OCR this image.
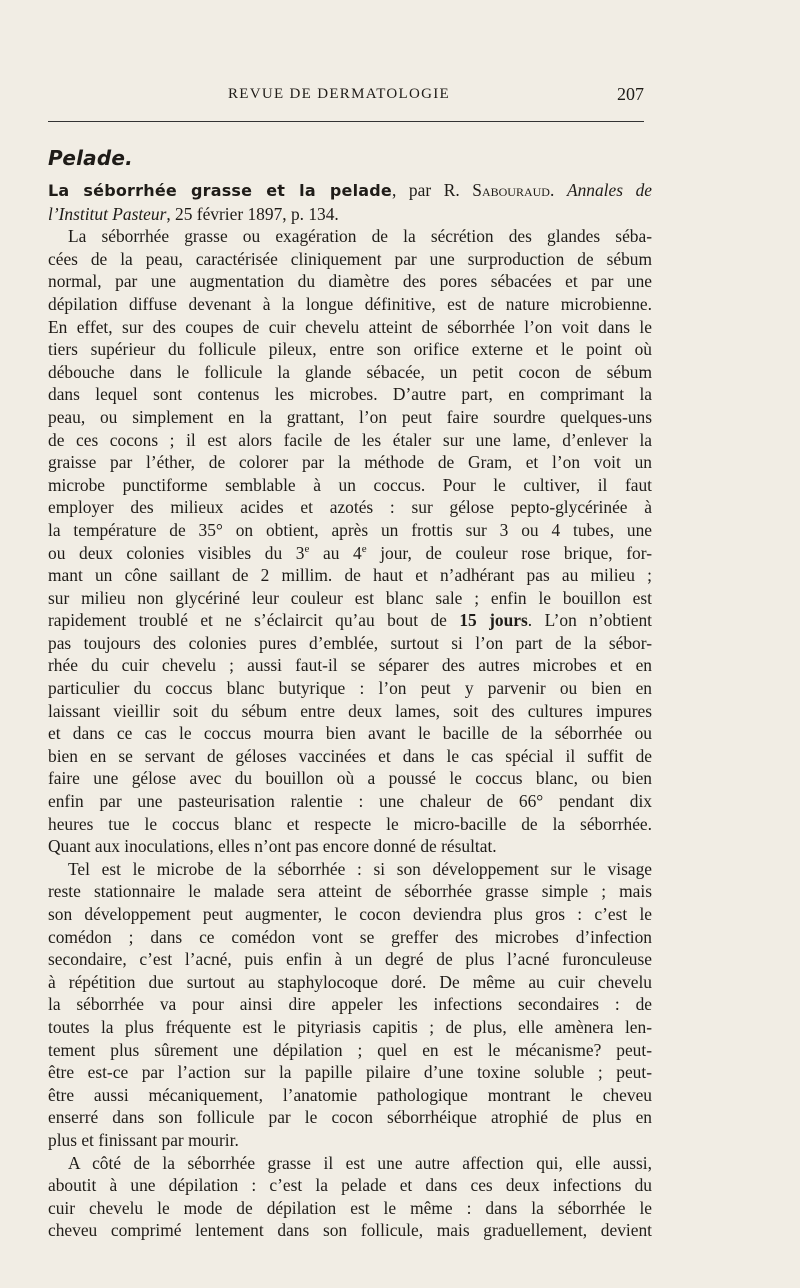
REVUE DE DERMATOLOGIE	207
Pelade.
La séborrhée grasse et la pelade, par R. Sabouraud. Annales de
l’Institut Pasteur, 25 février 1897, p. 134.

La séborrhée grasse ou exagération de la sécrétion des glandes séba-
cées de la peau, caractérisée cliniquement par une surproduction de sébum
normal, par une augmentation du diamètre des pores sébacées et par une
dépilation diffuse devenant à la longue définitive, est de nature microbienne.
En effet, sur des coupes de cuir chevelu atteint de séborrhée l’on voit dans le
tiers supérieur du follicule pileux, entre son orifice externe et le point où
débouche dans le follicule la glande sébacée, un petit cocon de sébum
dans lequel sont contenus les microbes. D’autre part, en comprimant la
peau, ou simplement en la grattant, l’on peut faire sourdre quelques-uns
de ces cocons ; il est alors facile de les étaler sur une lame, d’enlever la
graisse par l’éther, de colorer par la méthode de Gram, et l’on voit un
microbe punctiforme semblable à un coccus. Pour le cultiver, il faut
employer des milieux acides et azotés : sur gélose pepto-glycérinée à
la température de 35° on obtient, après un frottis sur 3 ou 4 tubes, une
ou deux colonies visibles du 3e au 4e jour, de couleur rose brique, for-
mant un cône saillant de 2 millim. de haut et n’adhérant pas au milieu ;
sur milieu non glycériné leur couleur est blanc sale ; enfin le bouillon est
rapidement troublé et ne s’éclaircit qu’au bout de 15 jours. L’on n’obtient
pas toujours des colonies pures d’emblée, surtout si l’on part de la sébor-
rhée du cuir chevelu ; aussi faut-il se séparer des autres microbes et en
particulier du coccus blanc butyrique : l’on peut y parvenir ou bien en
laissant vieillir soit du sébum entre deux lames, soit des cultures impures
et dans ce cas le coccus mourra bien avant le bacille de la séborrhée ou
bien en se servant de géloses vaccinées et dans le cas spécial il suffit de
faire une gélose avec du bouillon où a poussé le coccus blanc, ou bien
enfin par une pasteurisation ralentie : une chaleur de 66° pendant dix
heures tue le coccus blanc et respecte le micro-bacille de la séborrhée.
Quant aux inoculations, elles n’ont pas encore donné de résultat.

Tel est le microbe de la séborrhée : si son développement sur le visage
reste stationnaire le malade sera atteint de séborrhée grasse simple ; mais
son développement peut augmenter, le cocon deviendra plus gros : c’est le
comédon ; dans ce comédon vont se greffer des microbes d’infection
secondaire, c’est l’acné, puis enfin à un degré de plus l’acné furonculeuse
à répétition due surtout au staphylocoque doré. De même au cuir chevelu
la séborrhée va pour ainsi dire appeler les infections secondaires : de
toutes la plus fréquente est le pityriasis capitis ; de plus, elle amènera len-
tement plus sûrement une dépilation ; quel en est le mécanisme? peut-
être est-ce par l’action sur la papille pilaire d’une toxine soluble ; peut-
être aussi mécaniquement, l’anatomie pathologique montrant le cheveu
enserré dans son follicule par le cocon séborrhéique atrophié de plus en
plus et finissant par mourir.

A côté de la séborrhée grasse il est une autre affection qui, elle aussi,
aboutit à une dépilation : c’est la pelade et dans ces deux infections du
cuir chevelu le mode de dépilation est le même : dans la séborrhée le
cheveu comprimé lentement dans son follicule, mais graduellement, devient
